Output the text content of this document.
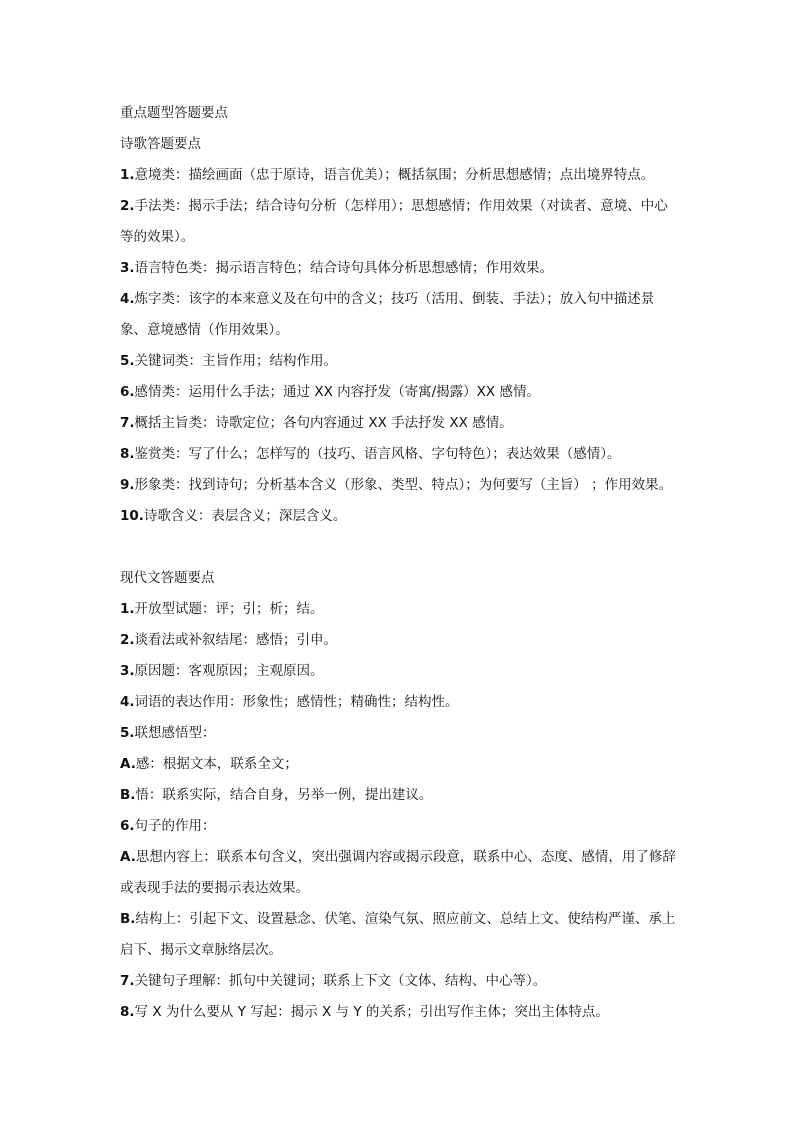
重点题型答题要点

诗歌答题要点

1.意境类：描绘画面（忠于原诗，语言优美）；概括氛围；分析思想感情；点出境界特点。

2.手法类：揭示手法；结合诗句分析（怎样用）；思想感情；作用效果（对读者、意境、中心等的效果）。

3.语言特色类：揭示语言特色；结合诗句具体分析思想感情；作用效果。

4.炼字类：该字的本来意义及在句中的含义；技巧（活用、倒装、手法）；放入句中描述景象、意境感情（作用效果）。

5.关键词类：主旨作用；结构作用。

6.感情类：运用什么手法；通过 XX 内容抒发（寄寓/揭露）XX 感情。

7.概括主旨类：诗歌定位；各句内容通过 XX 手法抒发 XX 感情。

8.鉴赏类：写了什么；怎样写的（技巧、语言风格、字句特色）；表达效果（感情）。

9.形象类：找到诗句；分析基本含义（形象、类型、特点）；为何要写（主旨） ；作用效果。

10.诗歌含义：表层含义；深层含义。

现代文答题要点

1.开放型试题：评；引；析；结。

2.谈看法或补叙结尾：感悟；引申。

3.原因题：客观原因；主观原因。

4.词语的表达作用：形象性；感情性；精确性；结构性。

5.联想感悟型：

A.感：根据文本，联系全文；

B.悟：联系实际，结合自身，另举一例，提出建议。

6.句子的作用：

A.思想内容上：联系本句含义，突出强调内容或揭示段意，联系中心、态度、感情，用了修辞或表现手法的要揭示表达效果。

B.结构上：引起下文、设置悬念、伏笔、渲染气氛、照应前文、总结上文、使结构严谨、承上启下、揭示文章脉络层次。

7.关键句子理解：抓句中关键词；联系上下文（文体、结构、中心等）。

8.写 X 为什么要从 Y 写起：揭示 X 与 Y 的关系；引出写作主体；突出主体特点。
